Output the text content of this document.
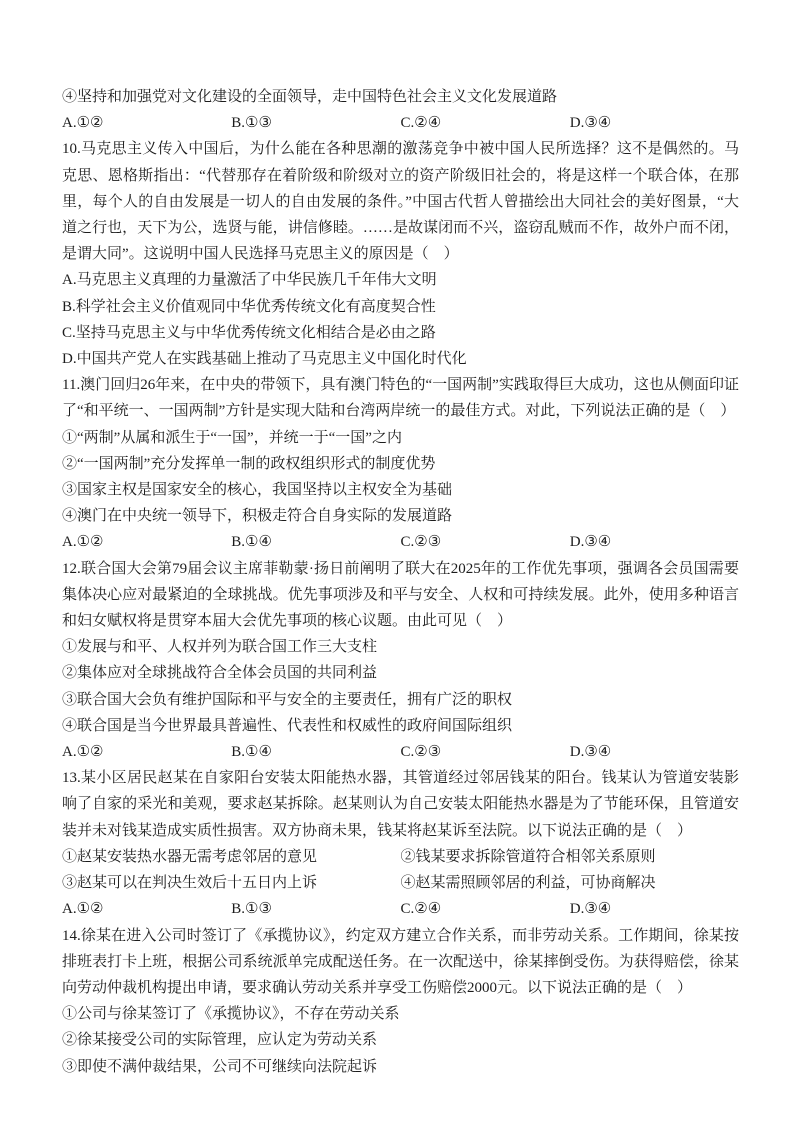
④坚持和加强党对文化建设的全面领导，走中国特色社会主义文化发展道路

A.①②	B.①③	C.②④	D.③④

10.马克思主义传入中国后，为什么能在各种思潮的激荡竞争中被中国人民所选择？这不是偶然的。马克思、恩格斯指出：“代替那存在着阶级和阶级对立的资产阶级旧社会的，将是这样一个联合体，在那里，每个人的自由发展是一切人的自由发展的条件。”中国古代哲人曾描绘出大同社会的美好图景，“大道之行也，天下为公，选贤与能，讲信修睦。……是故谋闭而不兴，盗窃乱贼而不作，故外户而不闭，是谓大同”。这说明中国人民选择马克思主义的原因是（　）

A.马克思主义真理的力量激活了中华民族几千年伟大文明

B.科学社会主义价值观同中华优秀传统文化有高度契合性

C.坚持马克思主义与中华优秀传统文化相结合是必由之路

D.中国共产党人在实践基础上推动了马克思主义中国化时代化

11.澳门回归26年来，在中央的带领下，具有澳门特色的“一国两制”实践取得巨大成功，这也从侧面印证了“和平统一、一国两制”方针是实现大陆和台湾两岸统一的最佳方式。对此，下列说法正确的是（　）

①“两制”从属和派生于“一国”，并统一于“一国”之内

②“一国两制”充分发挥单一制的政权组织形式的制度优势

③国家主权是国家安全的核心，我国坚持以主权安全为基础

④澳门在中央统一领导下，积极走符合自身实际的发展道路

A.①②	B.①④	C.②③	D.③④

12.联合国大会第79届会议主席菲勒蒙·扬日前阐明了联大在2025年的工作优先事项，强调各会员国需要集体决心应对最紧迫的全球挑战。优先事项涉及和平与安全、人权和可持续发展。此外，使用多种语言和妇女赋权将是贯穿本届大会优先事项的核心议题。由此可见（　）

①发展与和平、人权并列为联合国工作三大支柱

②集体应对全球挑战符合全体会员国的共同利益

③联合国大会负有维护国际和平与安全的主要责任，拥有广泛的职权

④联合国是当今世界最具普遍性、代表性和权威性的政府间国际组织

A.①②	B.①④	C.②③	D.③④

13.某小区居民赵某在自家阳台安装太阳能热水器，其管道经过邻居钱某的阳台。钱某认为管道安装影响了自家的采光和美观，要求赵某拆除。赵某则认为自己安装太阳能热水器是为了节能环保，且管道安装并未对钱某造成实质性损害。双方协商未果，钱某将赵某诉至法院。以下说法正确的是（　）

①赵某安装热水器无需考虑邻居的意见	②钱某要求拆除管道符合相邻关系原则

③赵某可以在判决生效后十五日内上诉	④赵某需照顾邻居的利益，可协商解决

A.①②	B.①③	C.②④	D.③④

14.徐某在进入公司时签订了《承揽协议》，约定双方建立合作关系，而非劳动关系。工作期间，徐某按排班表打卡上班，根据公司系统派单完成配送任务。在一次配送中，徐某摔倒受伤。为获得赔偿，徐某向劳动仲裁机构提出申请，要求确认劳动关系并享受工伤赔偿2000元。以下说法正确的是（　）

①公司与徐某签订了《承揽协议》，不存在劳动关系

②徐某接受公司的实际管理，应认定为劳动关系

③即使不满仲裁结果，公司不可继续向法院起诉
